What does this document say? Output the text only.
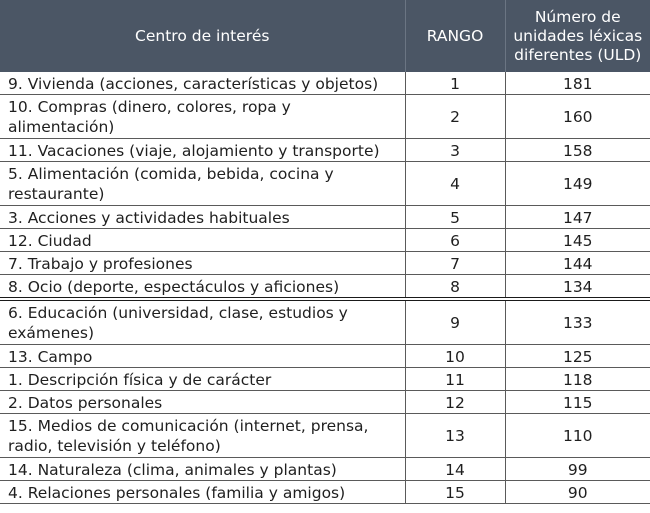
Centro de interés	RANGO	Número de unidades léxicas diferentes (ULD)
9. Vivienda (acciones, características y objetos)	1	181
10. Compras (dinero, colores, ropa y alimentación)	2	160
11. Vacaciones (viaje, alojamiento y transporte)	3	158
5. Alimentación (comida, bebida, cocina y restaurante)	4	149
3. Acciones y actividades habituales	5	147
12. Ciudad	6	145
7. Trabajo y profesiones	7	144
8. Ocio (deporte, espectáculos y aficiones)	8	134
6. Educación (universidad, clase, estudios y exámenes)	9	133
13. Campo	10	125
1. Descripción física y de carácter	11	118
2. Datos personales	12	115
15. Medios de comunicación (internet, prensa, radio, televisión y teléfono)	13	110
14. Naturaleza (clima, animales y plantas)	14	99
4. Relaciones personales (familia y amigos)	15	90
